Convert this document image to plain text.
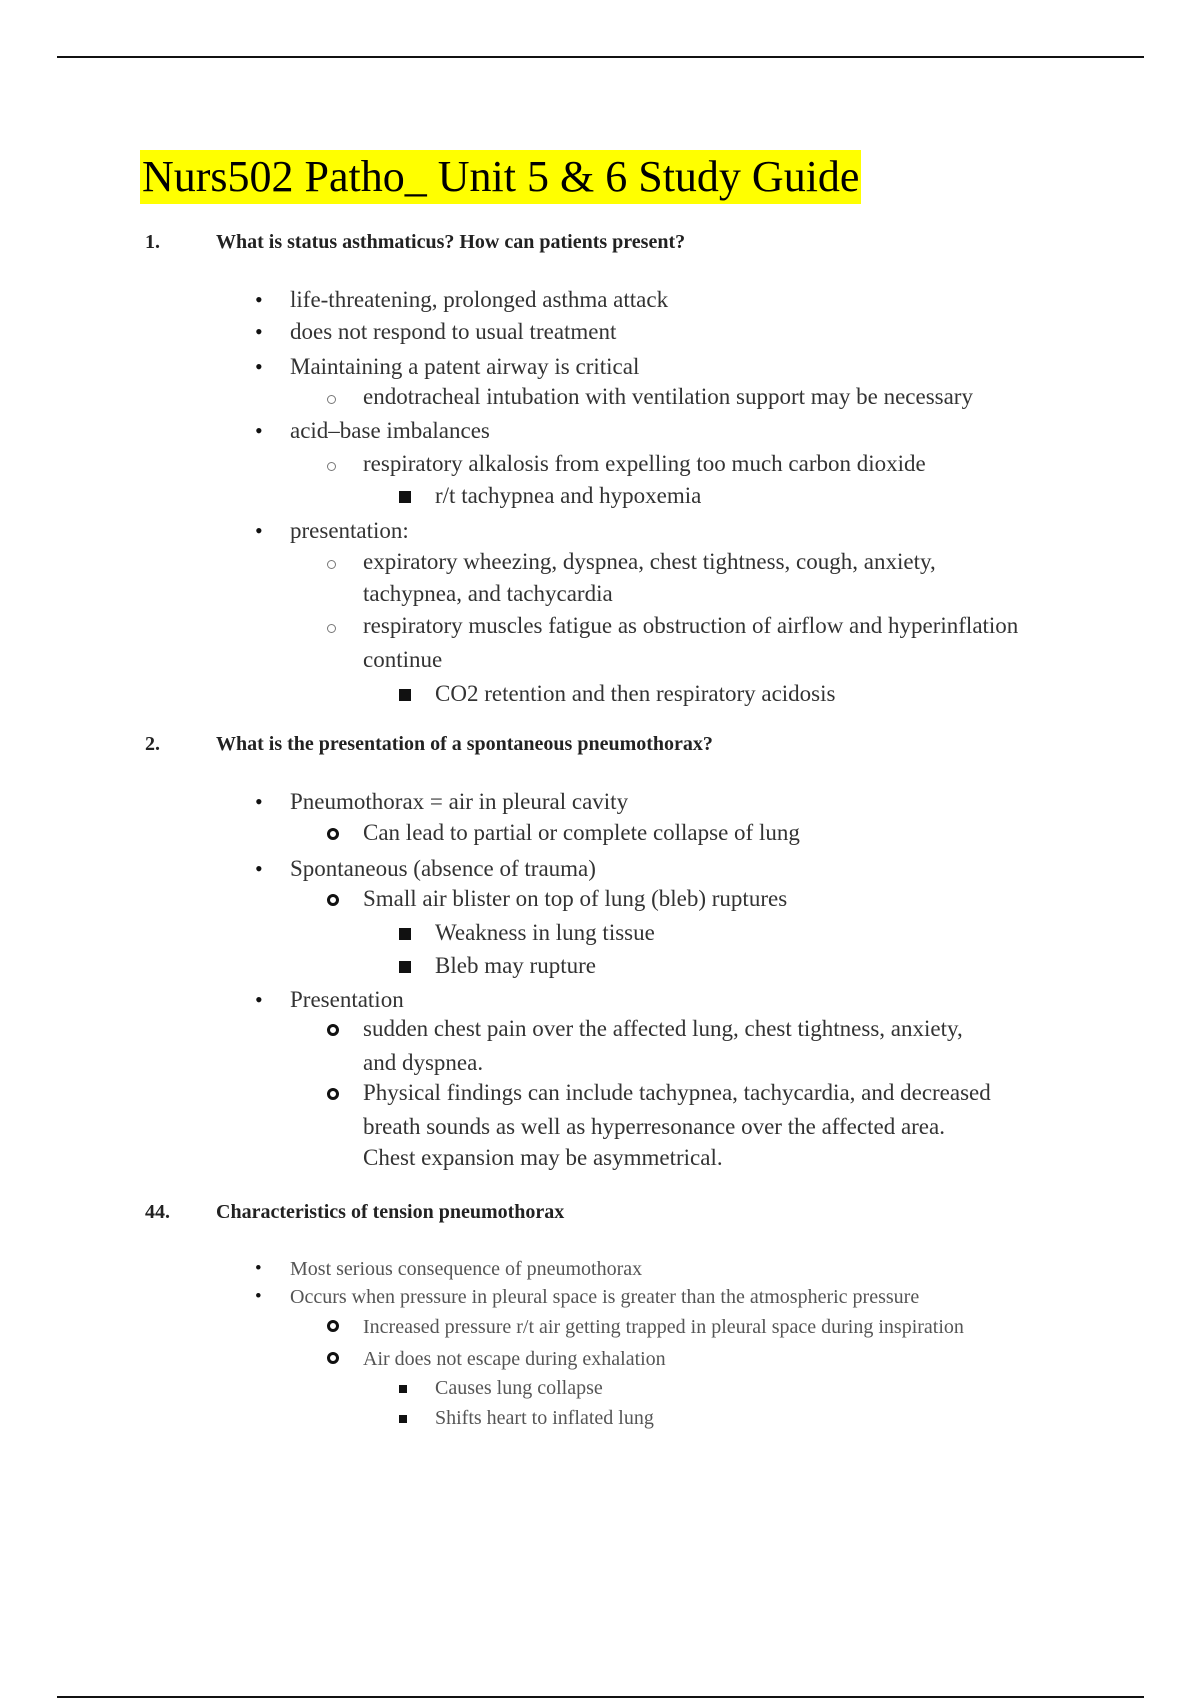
Nurs502 Patho_ Unit 5 & 6 Study Guide
1.	What is status asthmaticus? How can patients present?
• life-threatening, prolonged asthma attack
• does not respond to usual treatment
• Maintaining a patent airway is critical
endotracheal intubation with ventilation support may be necessary
• acid–base imbalances
respiratory alkalosis from expelling too much carbon dioxide
r/t tachypnea and hypoxemia
• presentation:
expiratory wheezing, dyspnea, chest tightness, cough, anxiety,
tachypnea, and tachycardia
respiratory muscles fatigue as obstruction of airflow and hyperinflation
continue
CO2 retention and then respiratory acidosis
2.	What is the presentation of a spontaneous pneumothorax?
• Pneumothorax = air in pleural cavity
Can lead to partial or complete collapse of lung
• Spontaneous (absence of trauma)
Small air blister on top of lung (bleb) ruptures
Weakness in lung tissue
Bleb may rupture
• Presentation
sudden chest pain over the affected lung, chest tightness, anxiety,
and dyspnea.
Physical findings can include tachypnea, tachycardia, and decreased
breath sounds as well as hyperresonance over the affected area.
Chest expansion may be asymmetrical.
44. Characteristics of tension pneumothorax
• Most serious consequence of pneumothorax
• Occurs when pressure in pleural space is greater than the atmospheric pressure
Increased pressure r/t air getting trapped in pleural space during inspiration
Air does not escape during exhalation
Causes lung collapse
Shifts heart to inflated lung
